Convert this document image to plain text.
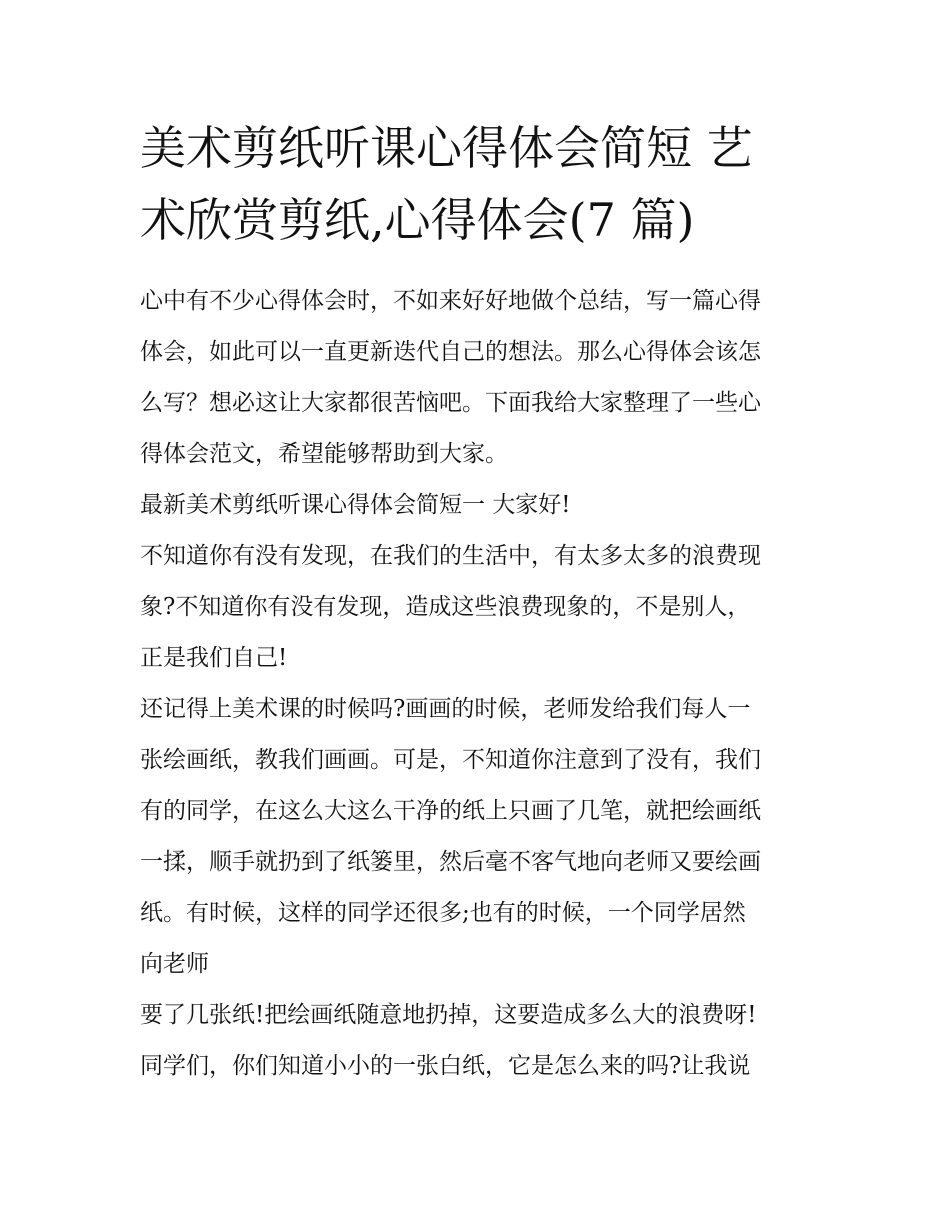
美术剪纸听课心得体会简短 艺
术欣赏剪纸,心得体会(7 篇)
心中有不少心得体会时，不如来好好地做个总结，写一篇心得
体会，如此可以一直更新迭代自己的想法。那么心得体会该怎
么写？想必这让大家都很苦恼吧。下面我给大家整理了一些心
得体会范文，希望能够帮助到大家。
最新美术剪纸听课心得体会简短一 大家好!
不知道你有没有发现，在我们的生活中，有太多太多的浪费现
象?不知道你有没有发现，造成这些浪费现象的，不是别人，
正是我们自己!
还记得上美术课的时候吗?画画的时候，老师发给我们每人一
张绘画纸，教我们画画。可是，不知道你注意到了没有，我们
有的同学，在这么大这么干净的纸上只画了几笔，就把绘画纸
一揉，顺手就扔到了纸篓里，然后毫不客气地向老师又要绘画
纸。有时候，这样的同学还很多;也有的时候，一个同学居然
向老师
要了几张纸!把绘画纸随意地扔掉，这要造成多么大的浪费呀!
同学们，你们知道小小的一张白纸，它是怎么来的吗?让我说
